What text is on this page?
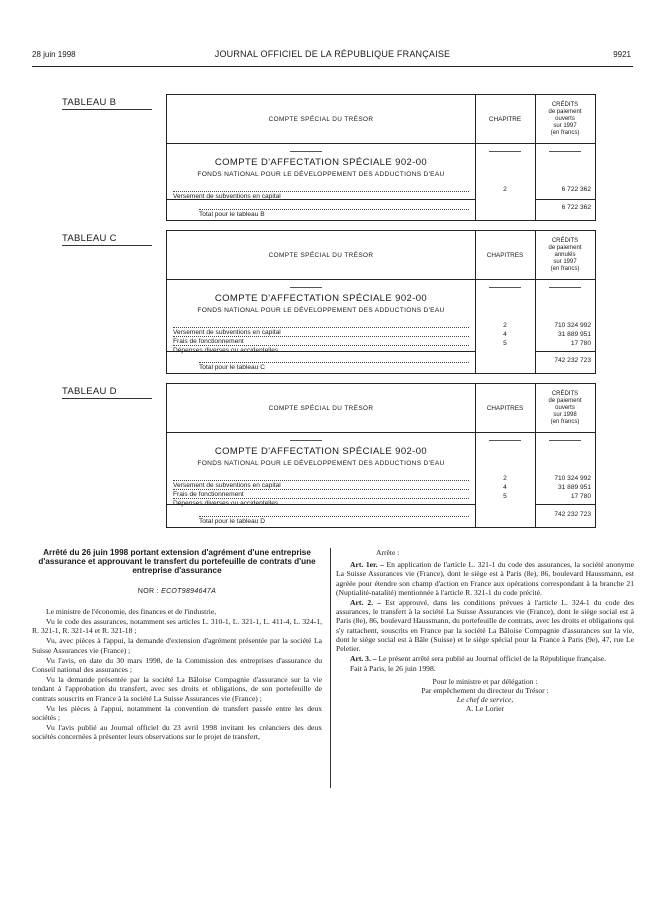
28 juin 1998	JOURNAL OFFICIEL DE LA RÉPUBLIQUE FRANÇAISE	9921
TABLEAU B
COMPTE SPÉCIAL DU TRÉSOR	CHAPITRE
CRÉDITS
de paiement
ouverts
sur 1997
(en francs)
COMPTE D'AFFECTATION SPÉCIALE 902-00
FONDS NATIONAL POUR LE DÉVELOPPEMENT DES ADDUCTIONS D'EAU
Versement de subventions en capital
2	6 722 362
Total pour le tableau B
6 722 362
TABLEAU C
COMPTE SPÉCIAL DU TRÉSOR	CHAPITRES
CRÉDITS
de paiement
annulés
sur 1997
(en francs)
COMPTE D'AFFECTATION SPÉCIALE 902-00
FONDS NATIONAL POUR LE DÉVELOPPEMENT DES ADDUCTIONS D'EAU
Versement de subventions en capital
2	710 324 992
Frais de fonctionnement
4	31 889 951
Dépenses diverses ou accidentelles
5	17 780
Total pour le tableau C
742 232 723
TABLEAU D
COMPTE SPÉCIAL DU TRÉSOR	CHAPITRES
CRÉDITS
de paiement
ouverts
sur 1998
(en francs)
COMPTE D'AFFECTATION SPÉCIALE 902-00
FONDS NATIONAL POUR LE DÉVELOPPEMENT DES ADDUCTIONS D'EAU
Versement de subventions en capital
2	710 324 992
Frais de fonctionnement
4	31 889 951
Dépenses diverses ou accidentelles
5	17 780
Total pour le tableau D
742 232 723
Arrêté du 26 juin 1998 portant extension d'agrément d'une entreprise d'assurance et approuvant le transfert du portefeuille de contrats d'une entreprise d'assurance
NOR : ECOT9894647A

Le ministre de l'économie, des finances et de l'industrie,

Vu le code des assurances, notamment ses articles L. 310-1, L. 321-1, L. 411-4, L. 324-1, R. 321-1, R. 321-14 et R. 321-18 ;

Vu, avec pièces à l'appui, la demande d'extension d'agrément présentée par la société La Suisse Assurances vie (France) ;

Vu l'avis, en date du 30 mars 1998, de la Commission des entreprises d'assurance du Conseil national des assurances ;

Vu la demande présentée par la société La Bâloise Compagnie d'assurance sur la vie tendant à l'approbation du transfert, avec ses droits et obligations, de son portefeuille de contrats souscrits en France à la société La Suisse Assurances vie (France) ;

Vu les pièces à l'appui, notamment la convention de transfert passée entre les deux sociétés ;

Vu l'avis publié au Journal officiel du 23 avril 1998 invitant les créanciers des deux sociétés concernées à présenter leurs observations sur le projet de transfert,

Arrête :

Art. 1er. – En application de l'article L. 321-1 du code des assurances, la société anonyme La Suisse Assurances vie (France), dont le siège est à Paris (8e), 86, boulevard Haussmann, est agréée pour étendre son champ d'action en France aux opérations correspondant à la branche 21 (Nuptialité-natalité) mentionnée à l'article R. 321-1 du code précité.

Art. 2. – Est approuvé, dans les conditions prévues à l'article L. 324-1 du code des assurances, le transfert à la société La Suisse Assurances vie (France), dont le siège social est à Paris (8e), 86, boulevard Haussmann, du portefeuille de contrats, avec les droits et obligations qui s'y rattachent, souscrits en France par la société La Bâloise Compagnie d'assurances sur la vie, dont le siège social est à Bâle (Suisse) et le siège spécial pour la France à Paris (9e), 47, rue Le Peletier.

Art. 3. – Le présent arrêté sera publié au Journal officiel de la République française.

Fait à Paris, le 26 juin 1998.

Pour le ministre et par délégation :
Par empêchement du directeur du Trésor :
Le chef de service,
A. Le Lorier
